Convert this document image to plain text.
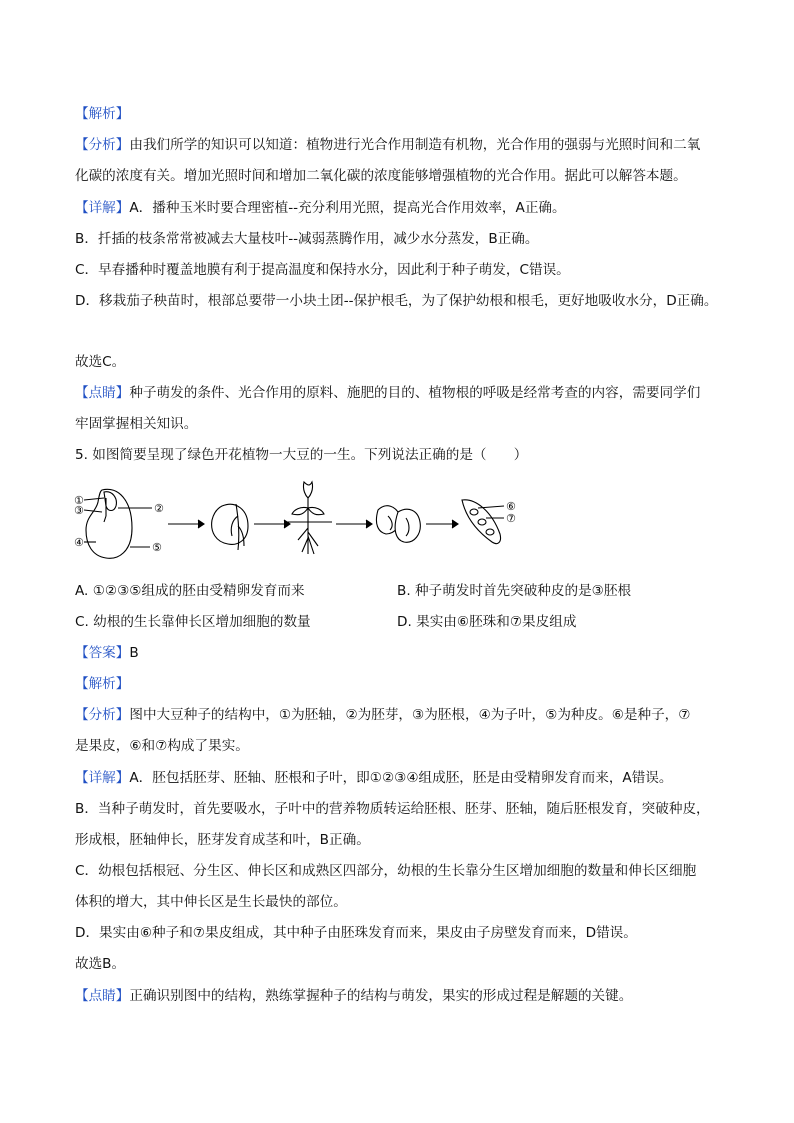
【解析】
【分析】由我们所学的知识可以知道：植物进行光合作用制造有机物，光合作用的强弱与光照时间和二氧
化碳的浓度有关。增加光照时间和增加二氧化碳的浓度能够增强植物的光合作用。据此可以解答本题。
【详解】A．播种玉米时要合理密植--充分利用光照，提高光合作用效率，A正确。
B．扦插的枝条常常被减去大量枝叶--减弱蒸腾作用，减少水分蒸发，B正确。
C．早春播种时覆盖地膜有利于提高温度和保持水分，因此利于种子萌发，C错误。
D．移栽茄子秧苗时，根部总要带一小块土团--保护根毛，为了保护幼根和根毛，更好地吸收水分，D正确。
故选C。
【点睛】种子萌发的条件、光合作用的原料、施肥的目的、植物根的呼吸是经常考查的内容，需要同学们
牢固掌握相关知识。
5. 如图简要呈现了绿色开花植物一大豆的一生。下列说法正确的是（　　）
①
②
③
④	⑤
⑥
⑦
A. ①②③⑤组成的胚由受精卵发育而来	B. 种子萌发时首先突破种皮的是③胚根
C. 幼根的生长靠伸长区增加细胞的数量	D. 果实由⑥胚珠和⑦果皮组成
【答案】B
【解析】
【分析】图中大豆种子的结构中，①为胚轴，②为胚芽，③为胚根，④为子叶，⑤为种皮。⑥是种子，⑦
是果皮，⑥和⑦构成了果实。
【详解】A．胚包括胚芽、胚轴、胚根和子叶，即①②③④组成胚，胚是由受精卵发育而来，A错误。
B．当种子萌发时，首先要吸水，子叶中的营养物质转运给胚根、胚芽、胚轴，随后胚根发育，突破种皮，
形成根，胚轴伸长，胚芽发育成茎和叶，B正确。
C．幼根包括根冠、分生区、伸长区和成熟区四部分，幼根的生长靠分生区增加细胞的数量和伸长区细胞
体积的增大，其中伸长区是生长最快的部位。
D．果实由⑥种子和⑦果皮组成，其中种子由胚珠发育而来，果皮由子房壁发育而来，D错误。
故选B。
【点睛】正确识别图中的结构，熟练掌握种子的结构与萌发，果实的形成过程是解题的关键。
